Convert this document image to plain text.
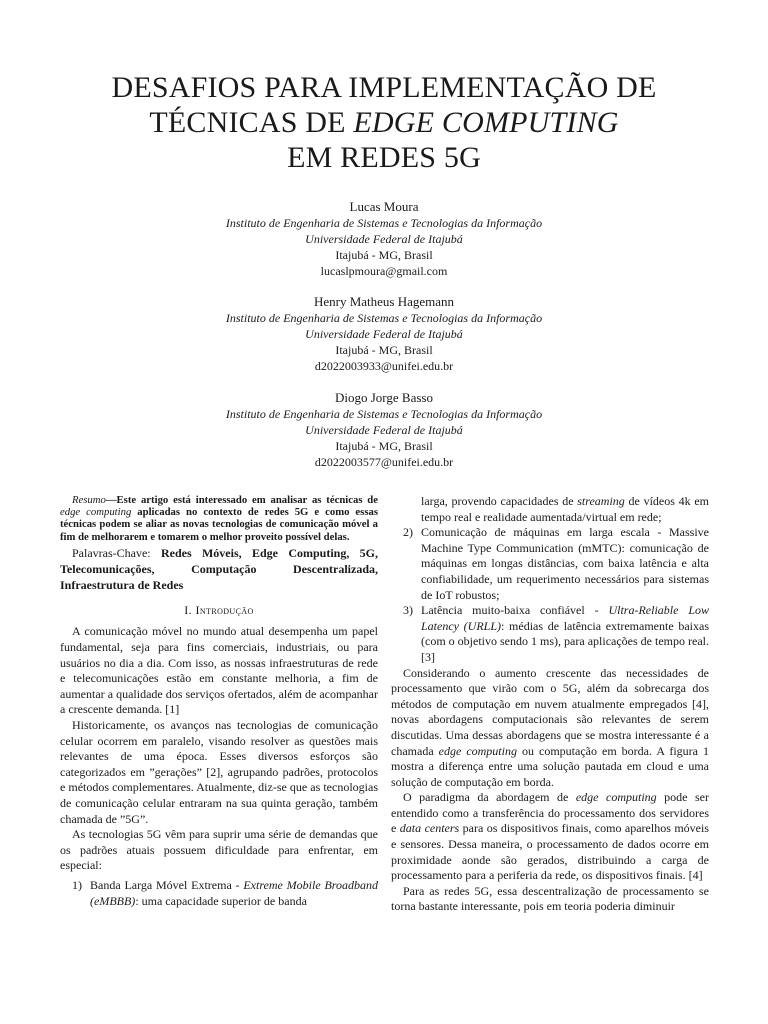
DESAFIOS PARA IMPLEMENTAÇÃO DE
TÉCNICAS DE EDGE COMPUTING
EM REDES 5G
Lucas Moura
Instituto de Engenharia de Sistemas e Tecnologias da Informação
Universidade Federal de Itajubá
Itajubá - MG, Brasil
lucaslpmoura@gmail.com
Henry Matheus Hagemann
Instituto de Engenharia de Sistemas e Tecnologias da Informação
Universidade Federal de Itajubá
Itajubá - MG, Brasil
d2022003933@unifei.edu.br
Diogo Jorge Basso
Instituto de Engenharia de Sistemas e Tecnologias da Informação
Universidade Federal de Itajubá
Itajubá - MG, Brasil
d2022003577@unifei.edu.br

Resumo—Este artigo está interessado em analisar as técnicas de edge computing aplicadas no contexto de redes 5G e como essas técnicas podem se aliar as novas tecnologias de comunicação móvel a fim de melhorarem e tomarem o melhor proveito possível delas.

Palavras-Chave: Redes Móveis, Edge Computing, 5G, Telecomunicações, Computação Descentralizada, Infraestrutura de Redes

I. Introdução

A comunicação móvel no mundo atual desempenha um papel fundamental, seja para fins comerciais, industriais, ou para usuários no dia a dia. Com isso, as nossas infraestruturas de rede e telecomunicações estão em constante melhoria, a fim de aumentar a qualidade dos serviços ofertados, além de acompanhar a crescente demanda. [1]

Historicamente, os avanços nas tecnologias de comunicação celular ocorrem em paralelo, visando resolver as questões mais relevantes de uma época. Esses diversos esforços são categorizados em ”gerações” [2], agrupando padrões, protocolos e métodos complementares. Atualmente, diz-se que as tecnologias de comunicação celular entraram na sua quinta geração, também chamada de ”5G”.

As tecnologias 5G vêm para suprir uma série de demandas que os padrões atuais possuem dificuldade para enfrentar, em especial:

1) Banda Larga Móvel Extrema - Extreme Mobile Broadband (eMBBB): uma capacidade superior de banda

larga, provendo capacidades de streaming de vídeos 4k em tempo real e realidade aumentada/virtual em rede;

2) Comunicação de máquinas em larga escala - Massive Machine Type Communication (mMTC): comunicação de máquinas em longas distâncias, com baixa latência e alta confiabilidade, um requerimento necessários para sistemas de IoT robustos;
3) Latência muito-baixa confiável - Ultra-Reliable Low Latency (URLL): médias de latência extremamente baixas (com o objetivo sendo 1 ms), para aplicações de tempo real. [3]

Considerando o aumento crescente das necessidades de processamento que virão com o 5G, além da sobrecarga dos métodos de computação em nuvem atualmente empregados [4], novas abordagens computacionais são relevantes de serem discutidas. Uma dessas abordagens que se mostra interessante é a chamada edge computing ou computação em borda. A figura 1 mostra a diferença entre uma solução pautada em cloud e uma solução de computação em borda.

O paradigma da abordagem de edge computing pode ser entendido como a transferência do processamento dos servidores e data centers para os dispositivos finais, como aparelhos móveis e sensores. Dessa maneira, o processamento de dados ocorre em proximidade aonde são gerados, distribuindo a carga de processamento para a periferia da rede, os dispositivos finais. [4]

Para as redes 5G, essa descentralização de processamento se torna bastante interessante, pois em teoria poderia diminuir
